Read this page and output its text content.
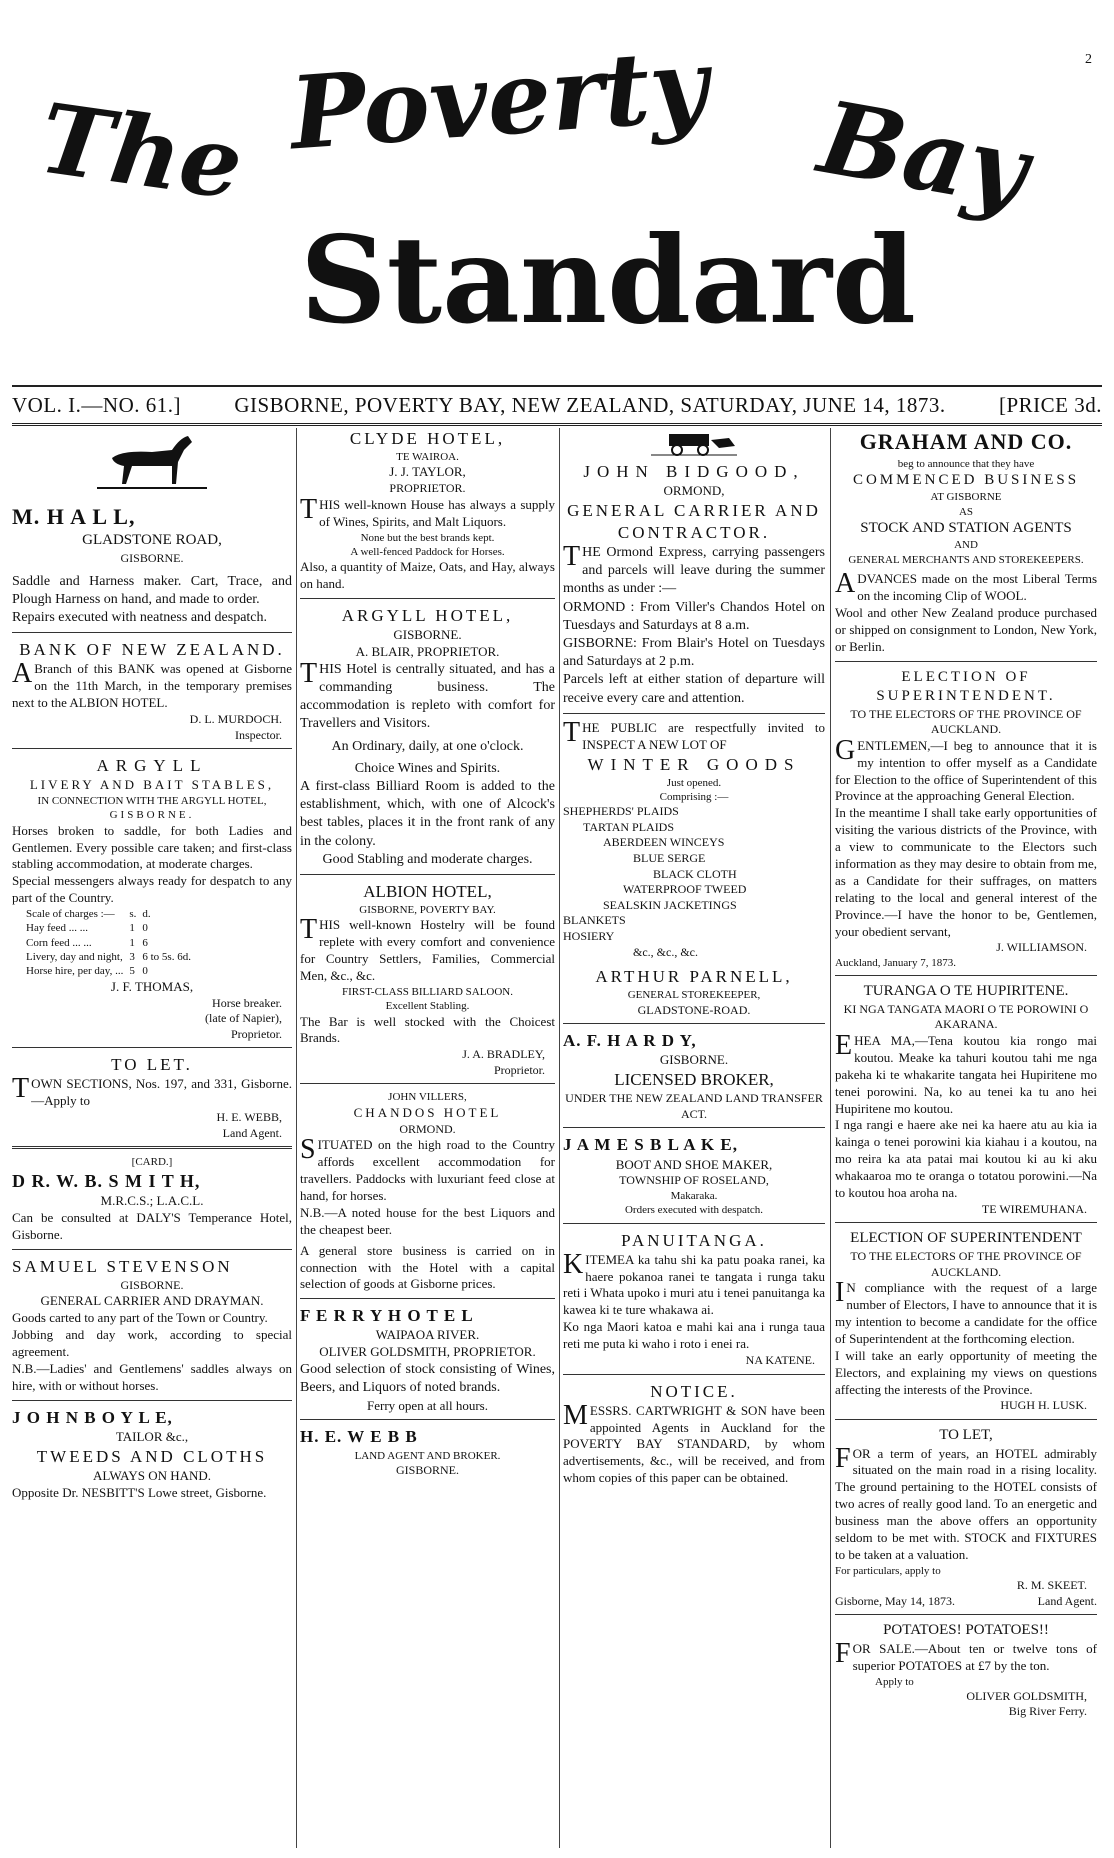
2
The Poverty Bay
Standard
VOL. I.—NO. 61.]	GISBORNE, POVERTY BAY, NEW ZEALAND, SATURDAY, JUNE 14, 1873.	[PRICE 3d.
M. H A L L,
GLADSTONE ROAD,
GISBORNE.
Saddle and Harness maker. Cart, Trace, and Plough Harness on hand, and made to order.
Repairs executed with neatness and despatch.
BANK OF NEW ZEALAND.
ABranch of this BANK was opened at Gisborne on the 11th March, in the temporary premises next to the ALBION HOTEL.
D. L. MURDOCH.
Inspector.
ARGYLL
LIVERY AND BAIT STABLES,
IN CONNECTION WITH THE ARGYLL HOTEL,
GISBORNE.
Horses broken to saddle, for both Ladies and Gentlemen. Every possible care taken; and first-class stabling accommodation, at moderate charges.
Special messengers always ready for despatch to any part of the Country.
Scale of charges :—	s.	d.
Hay feed ... ...	1	0
Corn feed ... ...	1	6
Livery, day and night,	3	6 to 5s. 6d.
Horse hire, per day, ...	5	0
J. F. THOMAS,
Horse breaker.
(late of Napier),
Proprietor.
TO LET.
TOWN SECTIONS, Nos. 197, and 331, Gisborne.—Apply to
H. E. WEBB,
Land Agent.
[CARD.]
D R. W. B. S M I T H,
M.R.C.S.; L.A.C.L.
Can be consulted at DALY'S Temperance Hotel, Gisborne.
SAMUEL STEVENSON
GISBORNE.
GENERAL CARRIER AND DRAYMAN.
Goods carted to any part of the Town or Country.
Jobbing and day work, according to special agreement.
N.B.—Ladies' and Gentlemens' saddles always on hire, with or without horses.
J O H N B O Y L E,
TAILOR &c.,
TWEEDS AND CLOTHS
ALWAYS ON HAND.
Opposite Dr. NESBITT'S Lowe street, Gisborne.
CLYDE HOTEL,
TE WAIROA.
J. J. TAYLOR,
PROPRIETOR.
THIS well-known House has always a supply of Wines, Spirits, and Malt Liquors.
None but the best brands kept.
A well-fenced Paddock for Horses.
Also, a quantity of Maize, Oats, and Hay, always on hand.
ARGYLL HOTEL,
GISBORNE.
A. BLAIR, PROPRIETOR.
THIS Hotel is centrally situated, and has a commanding business. The accommodation is repleto with comfort for Travellers and Visitors.
An Ordinary, daily, at one o'clock.
Choice Wines and Spirits.
A first-class Billiard Room is added to the establishment, which, with one of Alcock's best tables, places it in the front rank of any in the colony.
Good Stabling and moderate charges.
ALBION HOTEL,
GISBORNE, POVERTY BAY.
THIS well-known Hostelry will be found replete with every comfort and convenience for Country Settlers, Families, Commercial Men, &c., &c.
FIRST-CLASS BILLIARD SALOON.
Excellent Stabling.
The Bar is well stocked with the Choicest Brands.
J. A. BRADLEY,
Proprietor.
JOHN VILLERS,
CHANDOS HOTEL
ORMOND.
SITUATED on the high road to the Country affords excellent accommodation for travellers. Paddocks with luxuriant feed close at hand, for horses.
N.B.—A noted house for the best Liquors and the cheapest beer.
A general store business is carried on in connection with the Hotel with a capital selection of goods at Gisborne prices.
F E R R Y H O T E L
WAIPAOA RIVER.
OLIVER GOLDSMITH, PROPRIETOR.
Good selection of stock consisting of Wines, Beers, and Liquors of noted brands.
Ferry open at all hours.
H. E. W E B B
LAND AGENT AND BROKER.
GISBORNE.
JOHN BIDGOOD,
ORMOND,
GENERAL CARRIER AND CONTRACTOR.
THE Ormond Express, carrying passengers and parcels will leave during the summer months as under :—
ORMOND : From Viller's Chandos Hotel on Tuesdays and Saturdays at 8 a.m.
GISBORNE: From Blair's Hotel on Tuesdays and Saturdays at 2 p.m.
Parcels left at either station of departure will receive every care and attention.
THE PUBLIC are respectfully invited to INSPECT A NEW LOT OF
WINTER GOODS
Just opened.
Comprising :—
SHEPHERDS' PLAIDS
TARTAN PLAIDS
ABERDEEN WINCEYS
BLUE SERGE
BLACK CLOTH
WATERPROOF TWEED
SEALSKIN JACKETINGS
BLANKETS
HOSIERY
&c., &c., &c.
ARTHUR PARNELL,
GENERAL STOREKEEPER,
GLADSTONE-ROAD.
A. F. H A R D Y,
GISBORNE.
LICENSED BROKER,
UNDER THE NEW ZEALAND LAND TRANSFER ACT.
J A M E S B L A K E,
BOOT AND SHOE MAKER,
TOWNSHIP OF ROSELAND,
Makaraka.
Orders executed with despatch.
PANUITANGA.
KITEMEA ka tahu shi ka patu poaka ranei, ka haere pokanoa ranei te tangata i runga taku reti i Whata upoko i muri atu i tenei panuitanga ka kawea ki te ture whakawa ai.
Ko nga Maori katoa e mahi kai ana i runga taua reti me puta ki waho i roto i enei ra.
NA KATENE.
NOTICE.
MESSRS. CARTWRIGHT & SON have been appointed Agents in Auckland for the POVERTY BAY STANDARD, by whom advertisements, &c., will be received, and from whom copies of this paper can be obtained.
GRAHAM AND CO.
beg to announce that they have
COMMENCED BUSINESS
AT GISBORNE
AS
STOCK AND STATION AGENTS
AND
GENERAL MERCHANTS AND STOREKEEPERS.
ADVANCES made on the most Liberal Terms on the incoming Clip of WOOL.
Wool and other New Zealand produce purchased or shipped on consignment to London, New York, or Berlin.
ELECTION OF SUPERINTENDENT.
TO THE ELECTORS OF THE PROVINCE OF AUCKLAND.
GENTLEMEN,—I beg to announce that it is my intention to offer myself as a Candidate for Election to the office of Superintendent of this Province at the approaching General Election.
In the meantime I shall take early opportunities of visiting the various districts of the Province, with a view to communicate to the Electors such information as they may desire to obtain from me, as a Candidate for their suffrages, on matters relating to the local and general interest of the Province.—I have the honor to be, Gentlemen, your obedient servant,
J. WILLIAMSON.
Auckland, January 7, 1873.
TURANGA O TE HUPIRITENE.
KI NGA TANGATA MAORI O TE POROWINI O AKARANA.
EHEA MA,—Tena koutou kia rongo mai koutou. Meake ka tahuri koutou tahi me nga pakeha ki te whakarite tangata hei Hupiritene mo tenei porowini. Na, ko au tenei ka tu ano hei Hupiritene mo koutou.
I nga rangi e haere ake nei ka haere atu au kia ia kainga o tenei porowini kia kiahau i a koutou, na mo reira ka ata patai mai koutou ki au ki aku whakaaroa mo te oranga o totatou porowini.—Na to koutou hoa aroha na.
TE WIREMUHANA.
ELECTION OF SUPERINTENDENT
TO THE ELECTORS OF THE PROVINCE OF AUCKLAND.
IN compliance with the request of a large number of Electors, I have to announce that it is my intention to become a candidate for the office of Superintendent at the forthcoming election.
I will take an early opportunity of meeting the Electors, and explaining my views on questions affecting the interests of the Province.
HUGH H. LUSK.
TO LET,
FOR a term of years, an HOTEL admirably situated on the main road in a rising locality. The ground pertaining to the HOTEL consists of two acres of really good land. To an energetic and business man the above offers an opportunity seldom to be met with. STOCK and FIXTURES to be taken at a valuation.
For particulars, apply to
R. M. SKEET.
Gisborne, May 14, 1873.	Land Agent.
POTATOES! POTATOES!!
FOR SALE.—About ten or twelve tons of superior POTATOES at £7 by the ton.
Apply to
OLIVER GOLDSMITH,
Big River Ferry.
